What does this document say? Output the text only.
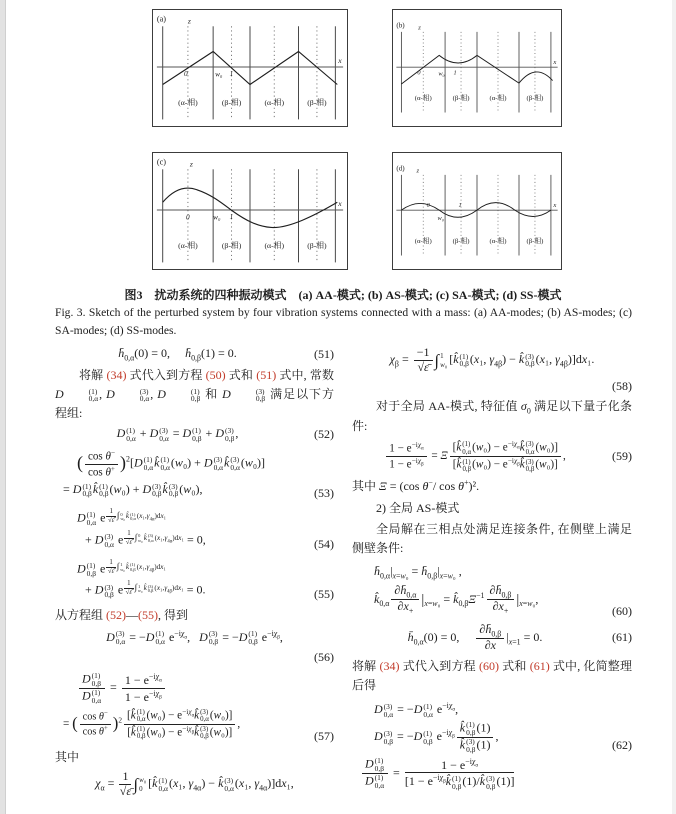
(a)	z
x
0	w₀ 1
(α-相)	(β-相)	(α-相)	(β-相)
(b) z
x
0 w₀ 1
(α-相)	(β-相)	(α-相)	(β-相)
(c)	z
x
0	w₀ 1
(α-相)	(β-相)	(α-相)	(β-相)
(d) z
x
0
w₀
1
(α-相)	(β-相)	(α-相)	(β-相)
图3　扰动系统的四种振动模式　(a) AA-模式; (b) AS-模式; (c) SA-模式; (d) SS-模式
Fig. 3. Sketch of the perturbed system by four vibration systems connected with a mass: (a) AA-modes; (b) AS-modes; (c) SA-modes; (d) SS-modes.
$h̄_{0,\alpha}(0) = 0$,  $h̄_{0,\beta}(1) = 0$.	(51)
将解 (34) 式代入到方程 (50) 式和 (51) 式中, 常数 D	(1)
0,α , D	(3)
0,α , D	(1)
0,β 和 D	(3)
0,β 满足以下方程组:
D (1)
0,α + D (3)
0,α = D (1)
0,β + D (3)
0,β ,	(52)
( $\frac{\cos \theta^-}{\cos \theta^+} )^2[D$ (1)
0,α k̂ (1)
0,α (w₀) + D (3)
0,α k̂ (3)
0,α (w₀)]
= D (1)
0,β k̂ (1)
0,β (w₀) + D (3)
0,β k̂ (3)
0,β (w₀),	(53)
D (1)
0,α e $^{\frac{1}{√\varepsilon̄} \int 0 w_0 k̂ (1) 0,\alpha (x_1,\gamma_{4\alpha})dx_1}$
+ D (3)
0,α e $^{\frac{1}{√\varepsilon̄} \int 0 w_0 k̂ (3) 0,\alpha (x_1,\gamma_{4\alpha})dx_1}$ = 0,	(54)
D (1)
0,β e $^{\frac{1}{√\varepsilon̄} \int 1 w_0 k̂ (1) 0,\beta (x_1,\gamma_{4\beta})dx_1}$
+ D (3)
0,β e $^{\frac{1}{√\varepsilon̄} \int 1 w_0 k̂ (3) 0,\beta (x_1,\gamma_{4\beta})dx_1}$ = 0.	(55)
从方程组 (52)—(55), 得到
D (3)
0,α = −D (1)
0,α $e^{-i\chi_\alpha}$,  D (3)
0,β = −D (1)
0,β $e^{-i\chi_\beta}$,
(56)
D (1)
0,β
D (1)
0,α =
$1 - e^{-i\chi_\alpha}$
$1 - e^{-i\chi_\beta}$
= ( $\frac{\cos \theta^-}{\cos \theta^+} )^2$ [k̂ (1)
0,α $(w_0) - e^{-i\chi_\alpha}k̂$ (3)
0,α (w₀)]
[k̂ (1)
0,β $(w_0) - e^{-i\chi_\beta}k̂$ (3)
0,β (w₀)]
,
(57)
其中
$\chi_\alpha = \frac{1}{√\varepsilon̄}$ ∫ w₀
0 [k̂ (1)
0,α (x₁, $\gamma_{4\alpha}$) − k̂ (3)
0,α (x₁, $\gamma_{4\alpha})]dx_1$,
$\chi_\beta = \frac{-1}{√\varepsilon̄}$ ∫ 1
w₀ [k̂ (1)
0,β (x₁, $\gamma_{4\beta}$) − k̂ (3)
0,β (x₁, $\gamma_{4\beta})]dx_1$.
(58)
对于全局 AA-模式, 特征值 $\sigma_0$ 满足以下量子化条件:
$1 - e^{-i\chi_\alpha}$
$1 - e^{-i\chi_\beta}$
= Ξ
[k̂ (1)
0,α $(w_0) - e^{-i\chi_\alpha}k̂$ (3)
0,α (w₀)]
[k̂ (1)
0,β $(w_0) - e^{-i\chi_\beta}k̂$ (3)
0,β (w₀)]
,	(59)
其中 Ξ = (cos θ−/ cos θ+)².
2) 全局 AS-模式
全局解在三相点处满足连接条件, 在侧壁上满足侧壁条件:
$h̄_{0,\alpha}|_{x=w_0}$ = $h̄_{0,\beta}|_{x=w_0}$ ,
$k̂_{0,\alpha} \frac{\partial h̄_{0,\alpha}}{\partial x_+} |_{x=w_0}$ = $k̂_{0,\beta}\Xi^{-1} \frac{\partial h̄_{0,\beta}}{\partial x_+} |_{x=w_0}$,
(60)
$h̄_{0,\alpha}(0) = 0$,   $\frac{\partial h̄_{0,\beta}}{\partial x} |_{x=1} = 0$.	(61)
将解 (34) 式代入到方程 (60) 式和 (61) 式中, 化简整理后得
D (3)
0,α = −D (1)
0,α $e^{-i\chi_\alpha}$,
D (3)
0,β = −D (1)
0,β $e^{-i\chi_\beta}$ k̂ (1)
0,β (1)
k̂ (3)
0,β (1) ,
D (1)
0,β
D (1)
0,α =
$1 - e^{-i\chi_\alpha}$
[$1 - e^{-i\chi_\beta}k̂$ (1)
0,β (1)/k̂ (3)
0,β (1)]
(62)
